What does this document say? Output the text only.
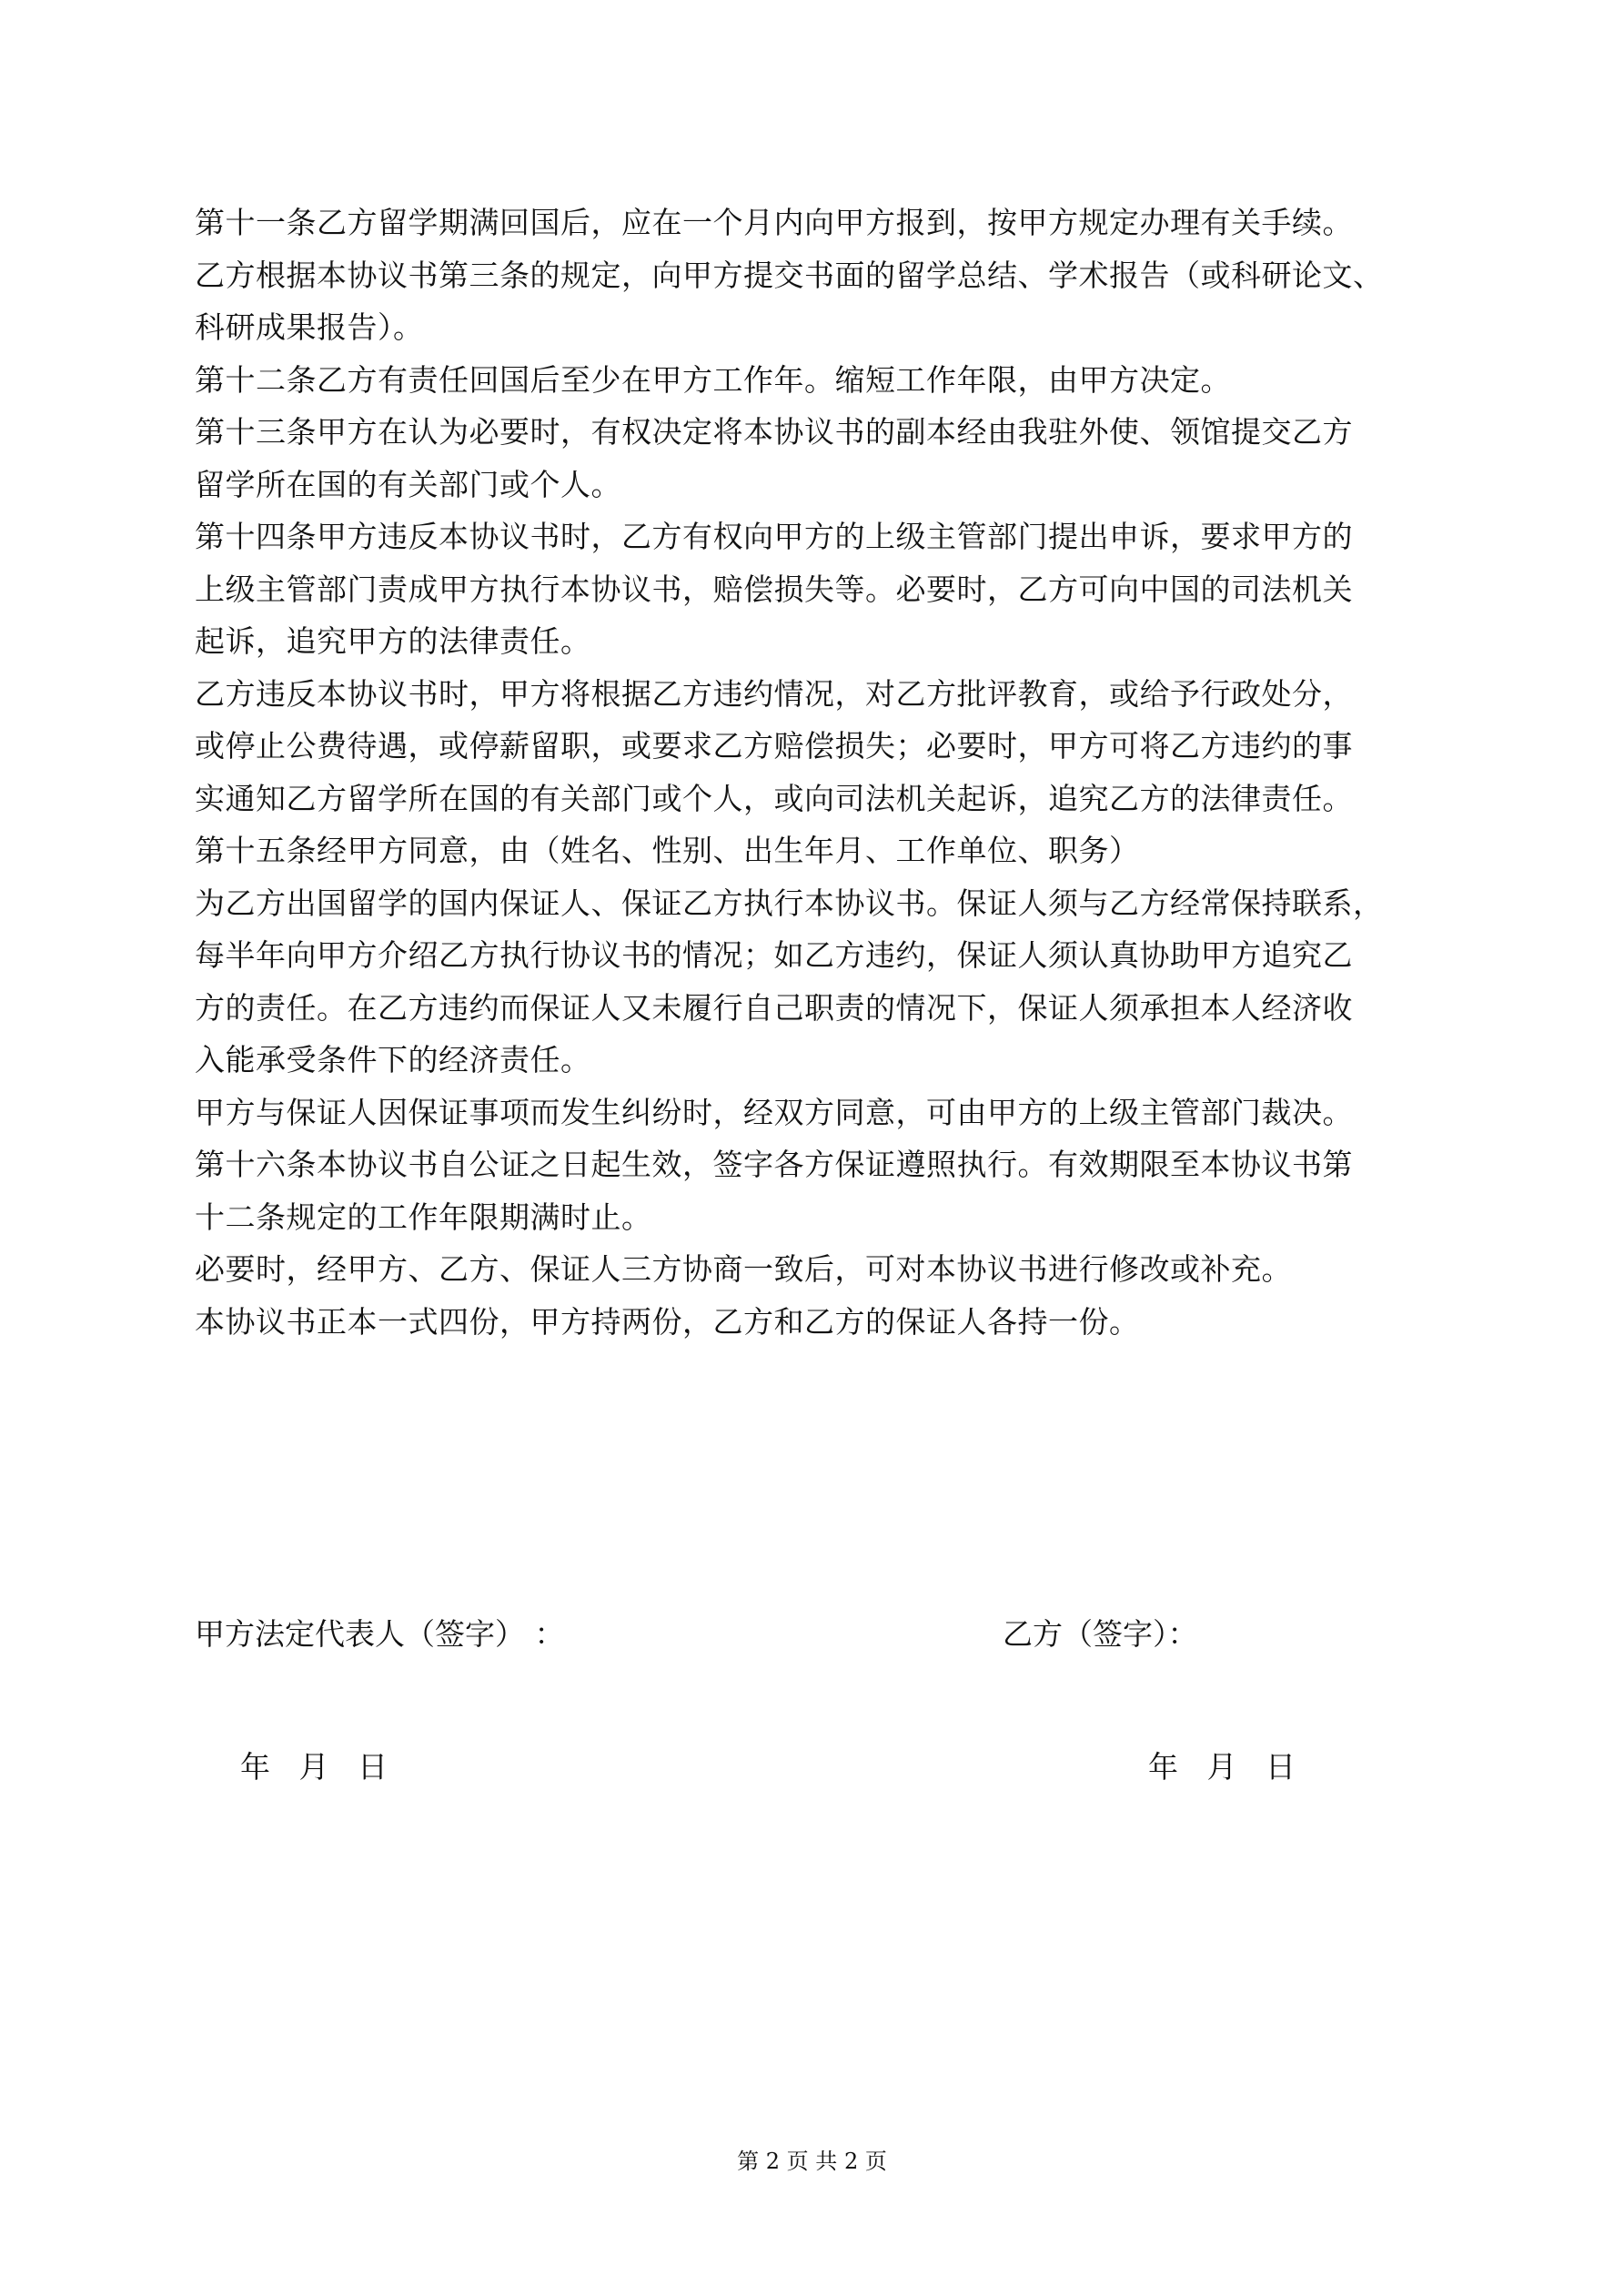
第十一条乙方留学期满回国后，应在一个月内向甲方报到，按甲方规定办理有关手续。
乙方根据本协议书第三条的规定，向甲方提交书面的留学总结、学术报告（或科研论文、
科研成果报告）。
第十二条乙方有责任回国后至少在甲方工作年。缩短工作年限，由甲方决定。
第十三条甲方在认为必要时，有权决定将本协议书的副本经由我驻外使、领馆提交乙方
留学所在国的有关部门或个人。
第十四条甲方违反本协议书时，乙方有权向甲方的上级主管部门提出申诉，要求甲方的
上级主管部门责成甲方执行本协议书，赔偿损失等。必要时，乙方可向中国的司法机关
起诉，追究甲方的法律责任。
乙方违反本协议书时，甲方将根据乙方违约情况，对乙方批评教育，或给予行政处分，
或停止公费待遇，或停薪留职，或要求乙方赔偿损失；必要时，甲方可将乙方违约的事
实通知乙方留学所在国的有关部门或个人，或向司法机关起诉，追究乙方的法律责任。
第十五条经甲方同意，由（姓名、性别、出生年月、工作单位、职务）
为乙方出国留学的国内保证人、保证乙方执行本协议书。保证人须与乙方经常保持联系，
每半年向甲方介绍乙方执行协议书的情况；如乙方违约，保证人须认真协助甲方追究乙
方的责任。在乙方违约而保证人又未履行自己职责的情况下，保证人须承担本人经济收
入能承受条件下的经济责任。
甲方与保证人因保证事项而发生纠纷时，经双方同意，可由甲方的上级主管部门裁决。
第十六条本协议书自公证之日起生效，签字各方保证遵照执行。有效期限至本协议书第
十二条规定的工作年限期满时止。
必要时，经甲方、乙方、保证人三方协商一致后，可对本协议书进行修改或补充。
本协议书正本一式四份，甲方持两份，乙方和乙方的保证人各持一份。
甲方法定代表人（签字） ：	乙方（签字）：
年   月   日	年   月   日
第 2 页 共 2 页
